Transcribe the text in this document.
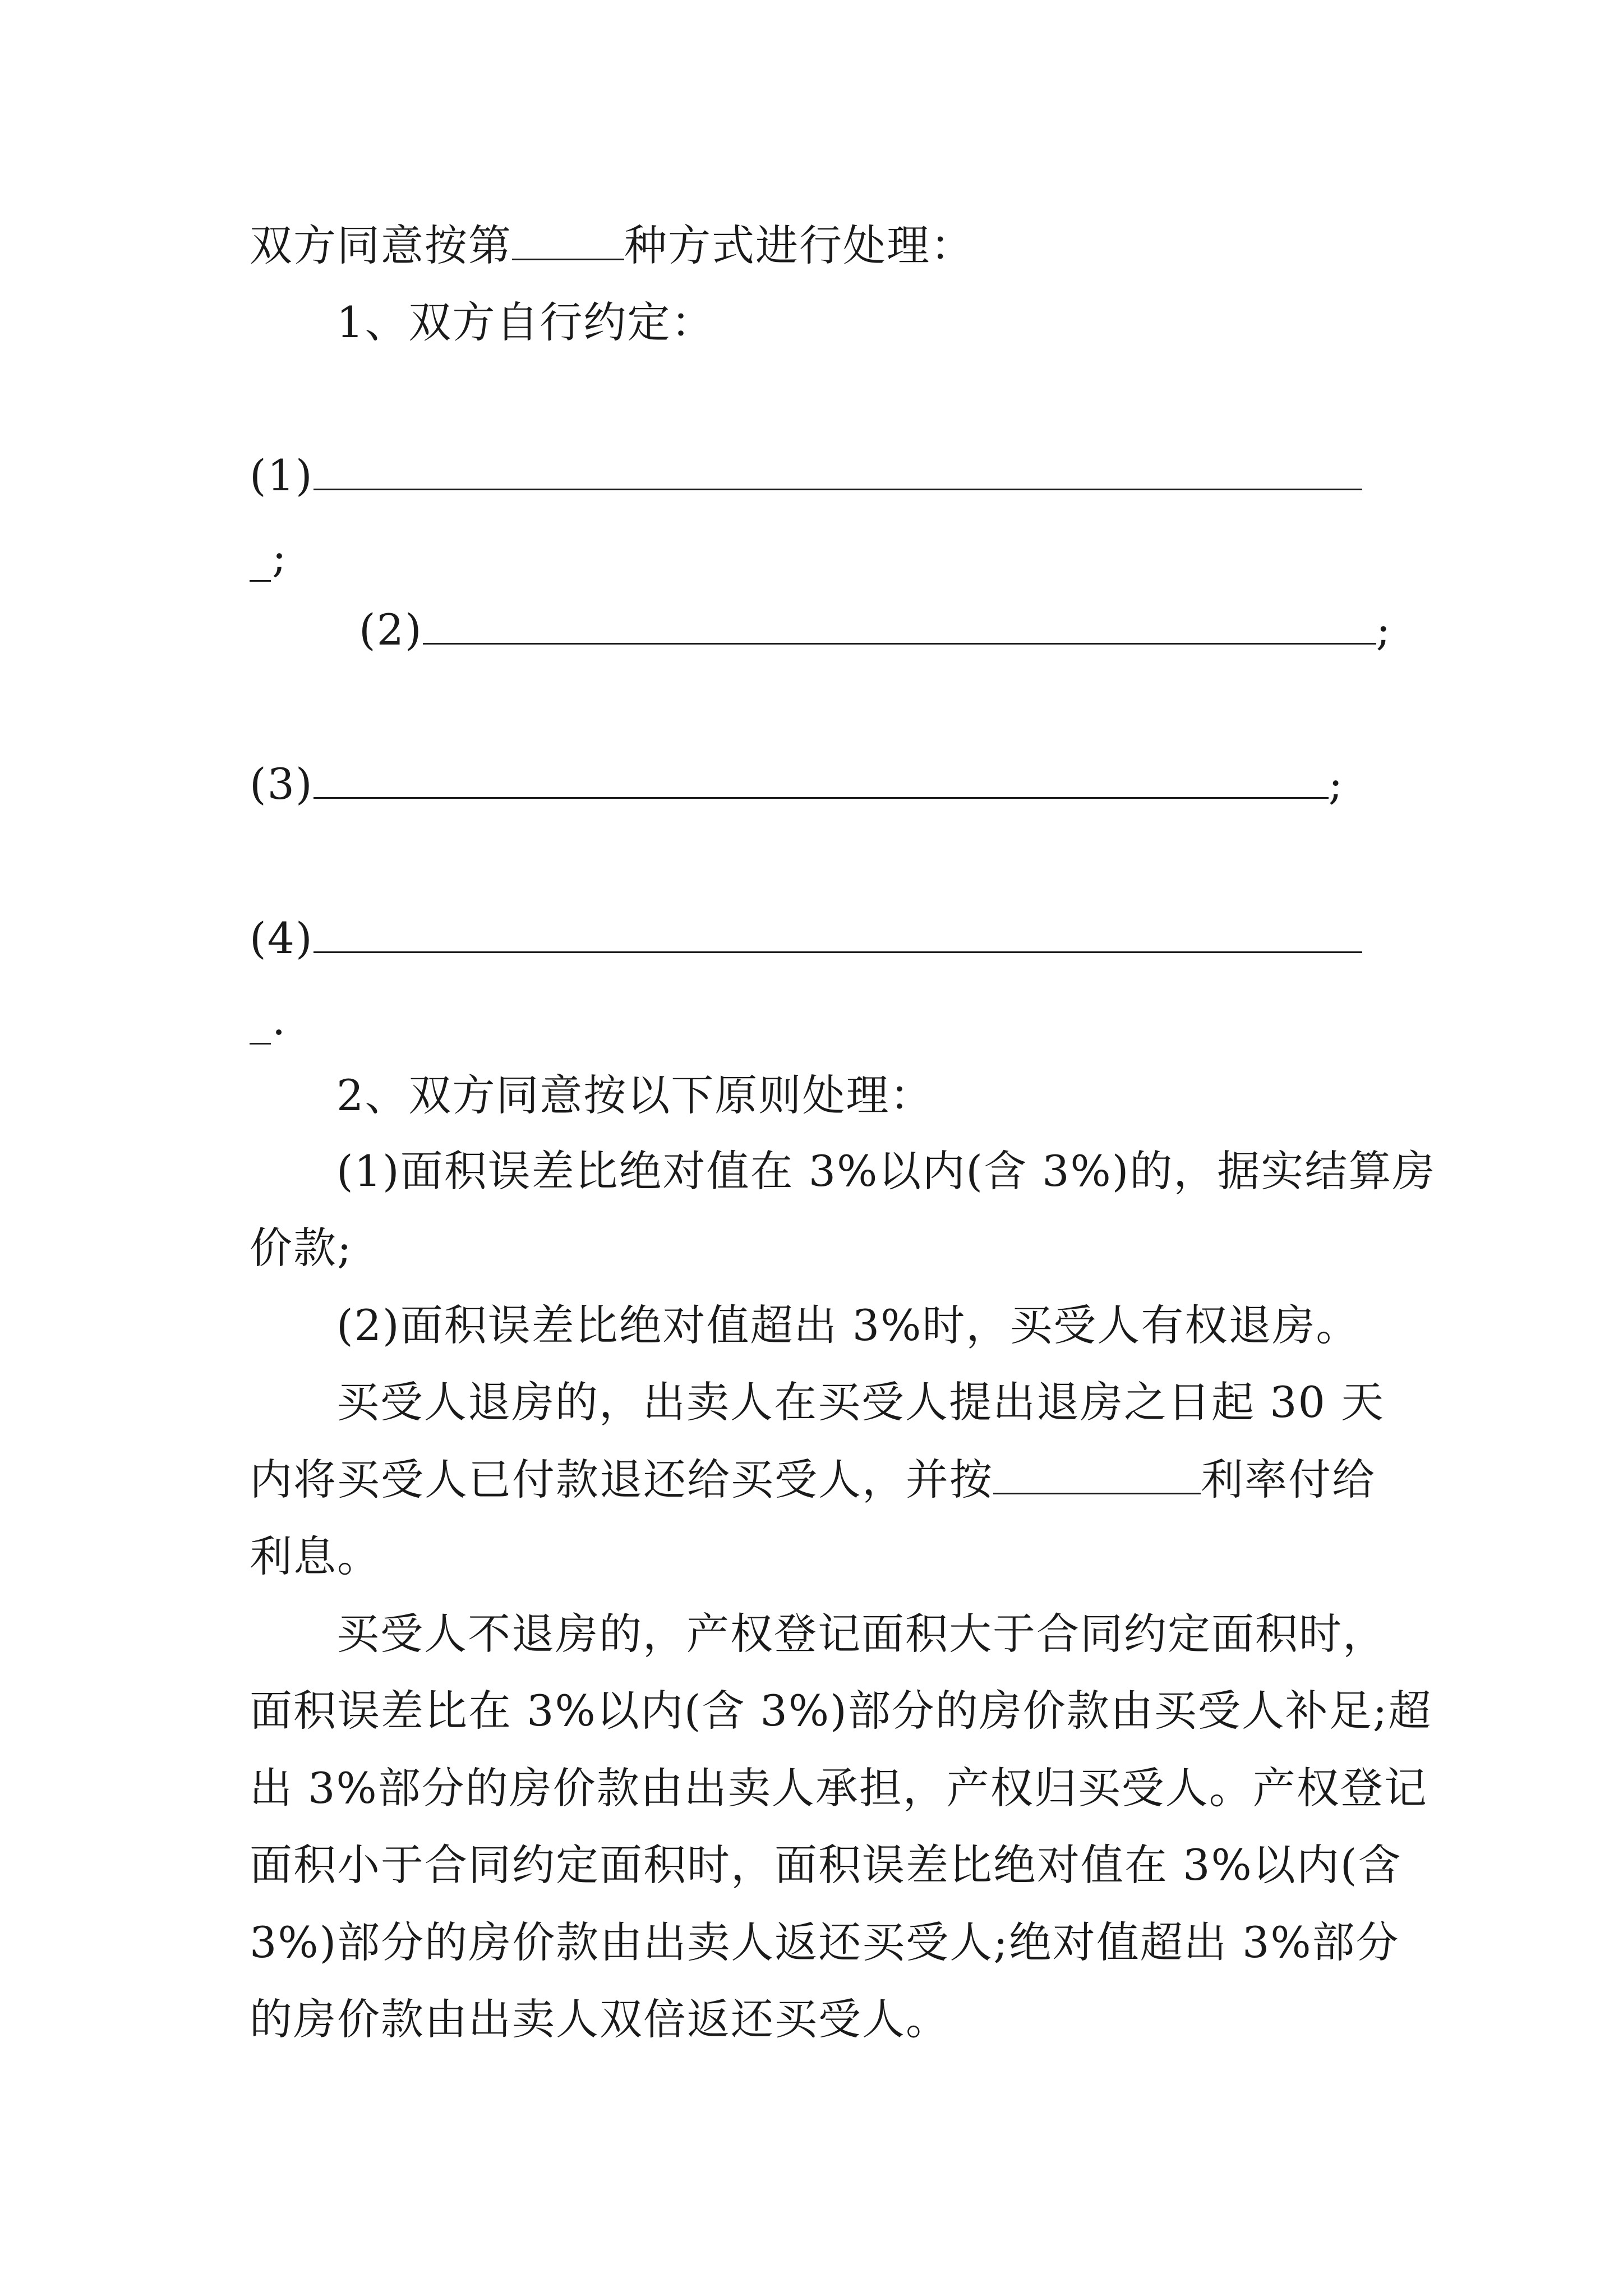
双方同意按第	种方式进行处理：
1、双方自行约定：
(1)
_;
(2)	;
(3)	;
(4)
_.
2、双方同意按以下原则处理：
(1)面积误差比绝对值在 3%以内(含 3%)的，据实结算房
价款;
(2)面积误差比绝对值超出 3%时，买受人有权退房。
买受人退房的，出卖人在买受人提出退房之日起 30 天
内将买受人已付款退还给买受人，并按	利率付给
利息。
买受人不退房的，产权登记面积大于合同约定面积时，
面积误差比在 3%以内(含 3%)部分的房价款由买受人补足;超
出 3%部分的房价款由出卖人承担，产权归买受人。产权登记
面积小于合同约定面积时，面积误差比绝对值在 3%以内(含
3%)部分的房价款由出卖人返还买受人;绝对值超出 3%部分
的房价款由出卖人双倍返还买受人。
